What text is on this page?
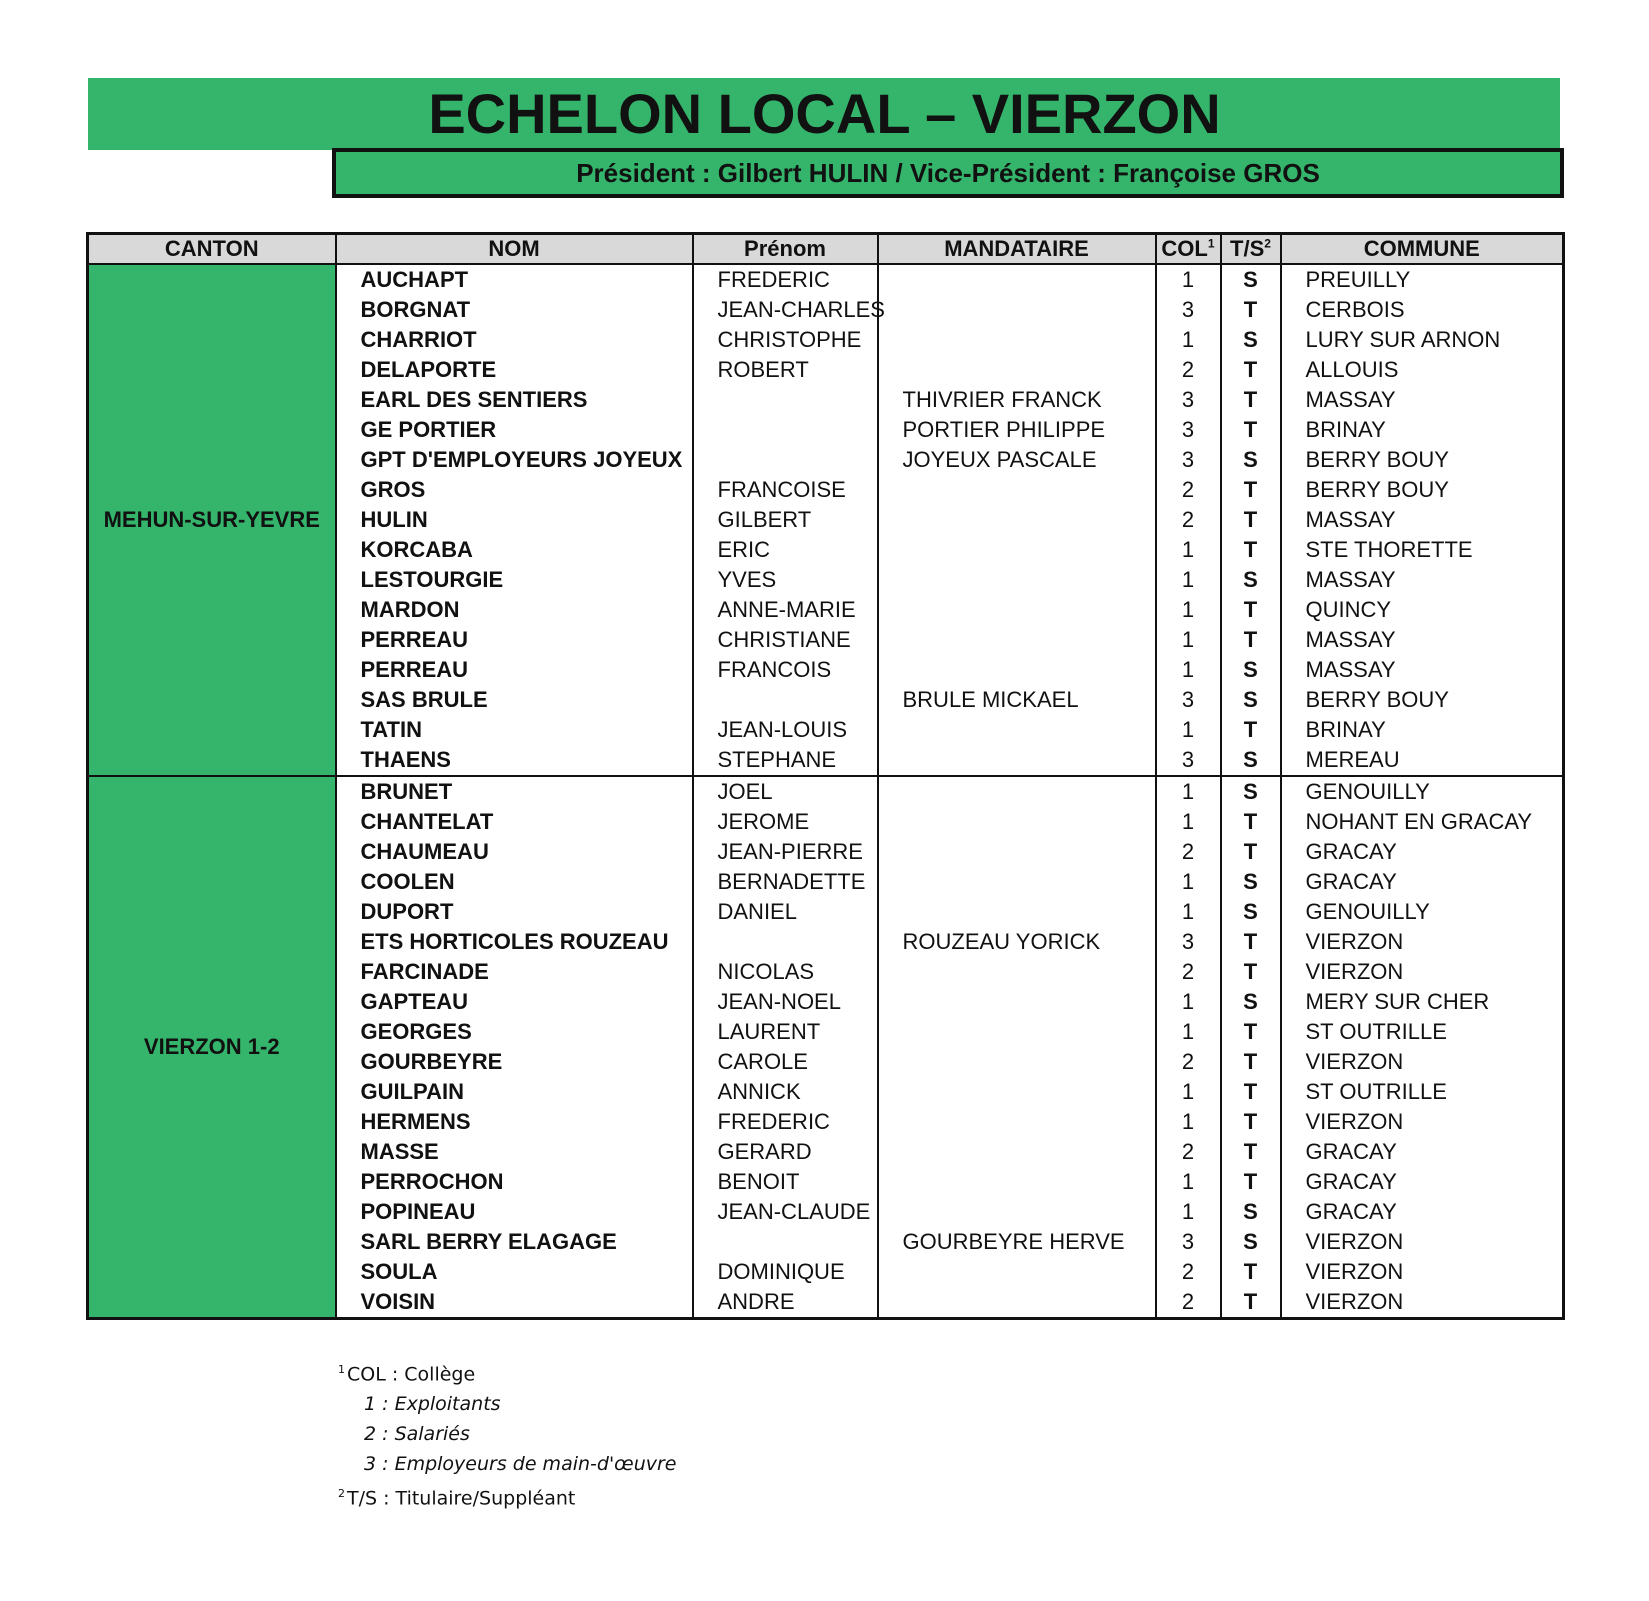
ECHELON LOCAL – VIERZON
Président : Gilbert HULIN / Vice-Président : Françoise GROS
CANTON	NOM	Prénom	MANDATAIRE	COL$^1$	$T/S^2$	COMMUNE
MEHUN-SUR-YEVRE	AUCHAPT	FREDERIC		1	S	PREUILLY
	BORGNAT	JEAN-CHARLES		3	T	CERBOIS
	CHARRIOT	CHRISTOPHE		1	S	LURY SUR ARNON
	DELAPORTE	ROBERT		2	T	ALLOUIS
	EARL DES SENTIERS		THIVRIER FRANCK	3	T	MASSAY
	GE PORTIER		PORTIER PHILIPPE	3	T	BRINAY
	GPT D'EMPLOYEURS JOYEUX		JOYEUX PASCALE	3	S	BERRY BOUY
	GROS	FRANCOISE		2	T	BERRY BOUY
	HULIN	GILBERT		2	T	MASSAY
	KORCABA	ERIC		1	T	STE THORETTE
	LESTOURGIE	YVES		1	S	MASSAY
	MARDON	ANNE-MARIE		1	T	QUINCY
	PERREAU	CHRISTIANE		1	T	MASSAY
	PERREAU	FRANCOIS		1	S	MASSAY
	SAS BRULE		BRULE MICKAEL	3	S	BERRY BOUY
	TATIN	JEAN-LOUIS		1	T	BRINAY
	THAENS	STEPHANE		3	S	MEREAU
VIERZON 1-2	BRUNET	JOEL		1	S	GENOUILLY
	CHANTELAT	JEROME		1	T	NOHANT EN GRACAY
	CHAUMEAU	JEAN-PIERRE		2	T	GRACAY
	COOLEN	BERNADETTE		1	S	GRACAY
	DUPORT	DANIEL		1	S	GENOUILLY
	ETS HORTICOLES ROUZEAU		ROUZEAU YORICK	3	T	VIERZON
	FARCINADE	NICOLAS		2	T	VIERZON
	GAPTEAU	JEAN-NOEL		1	S	MERY SUR CHER
	GEORGES	LAURENT		1	T	ST OUTRILLE
	GOURBEYRE	CAROLE		2	T	VIERZON
	GUILPAIN	ANNICK		1	T	ST OUTRILLE
	HERMENS	FREDERIC		1	T	VIERZON
	MASSE	GERARD		2	T	GRACAY
	PERROCHON	BENOIT		1	T	GRACAY
	POPINEAU	JEAN-CLAUDE		1	S	GRACAY
	SARL BERRY ELAGAGE		GOURBEYRE HERVE	3	S	VIERZON
	SOULA	DOMINIQUE		2	T	VIERZON
	VOISIN	ANDRE		2	T	VIERZON
$^1$ COL : Collège
1 : Exploitants
2 : Salariés
3 : Employeurs de main-d'œuvre
$^2$ T/S : Titulaire/Suppléant
